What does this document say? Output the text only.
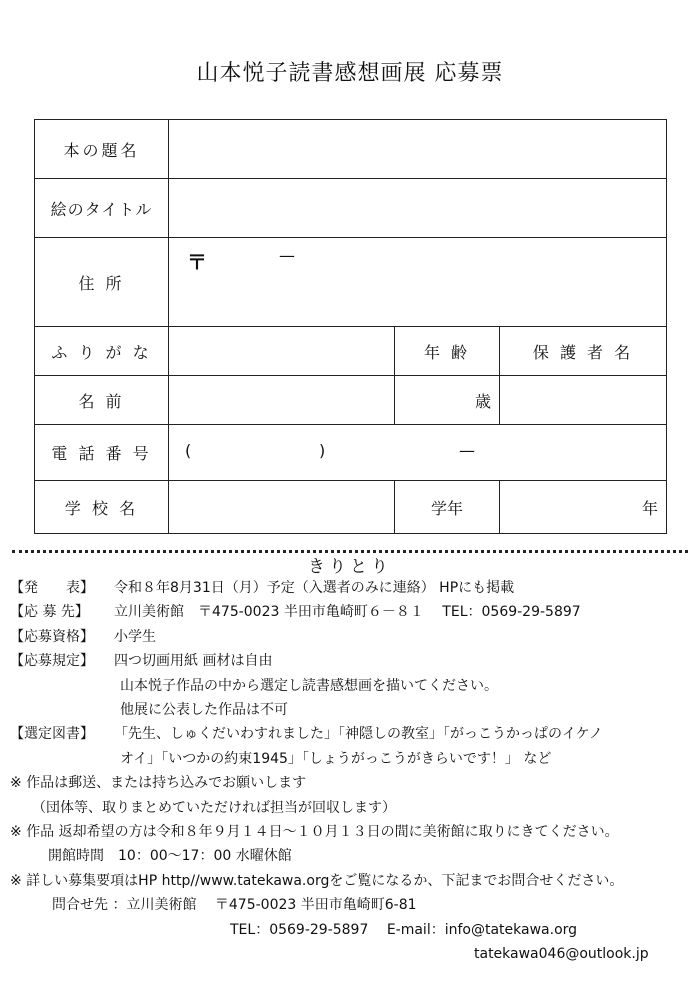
山本悦子読書感想画展 応募票
本の題名			
絵のタイトル			
住 所	〒 —		

ふ り が な		年 齢	保 護 者 名
名 前		歳	
電 話 番 号	( ) —		

学 校 名		学年	年
きりとり
【発　　表】	令和８年8月31日（月）予定（入選者のみに連絡） HPにも掲載
【応 募 先】	立川美術館　〒475-0023 半田市亀崎町６－８１　 TEL：0569-29-5897
【応募資格】	小学生
【応募規定】	四つ切画用紙 画材は自由
山本悦子作品の中から選定し読書感想画を描いてください。
他展に公表した作品は不可
【選定図書】	「先生、しゅくだいわすれました」「神隠しの教室」「がっこうかっぱのイケノ
オイ」「いつかの約束1945」「しょうがっこうがきらいです！」 など
※ 作品は郵送、または持ち込みでお願いします
（団体等、取りまとめていただければ担当が回収します）
※ 作品 返却希望の方は令和８年９月１４日～１０月１３日の間に美術館に取りにきてください。
開館時間　10：00～17：00 水曜休館
※ 詳しい募集要項はHP http//www.tatekawa.orgをご覧になるか、下記までお問合せください。
問合せ先 ：立川美術館　 〒475-0023 半田市亀崎町6-81
TEL：0569-29-5897　 E-mail：info@tatekawa.org
tatekawa046@outlook.jp
